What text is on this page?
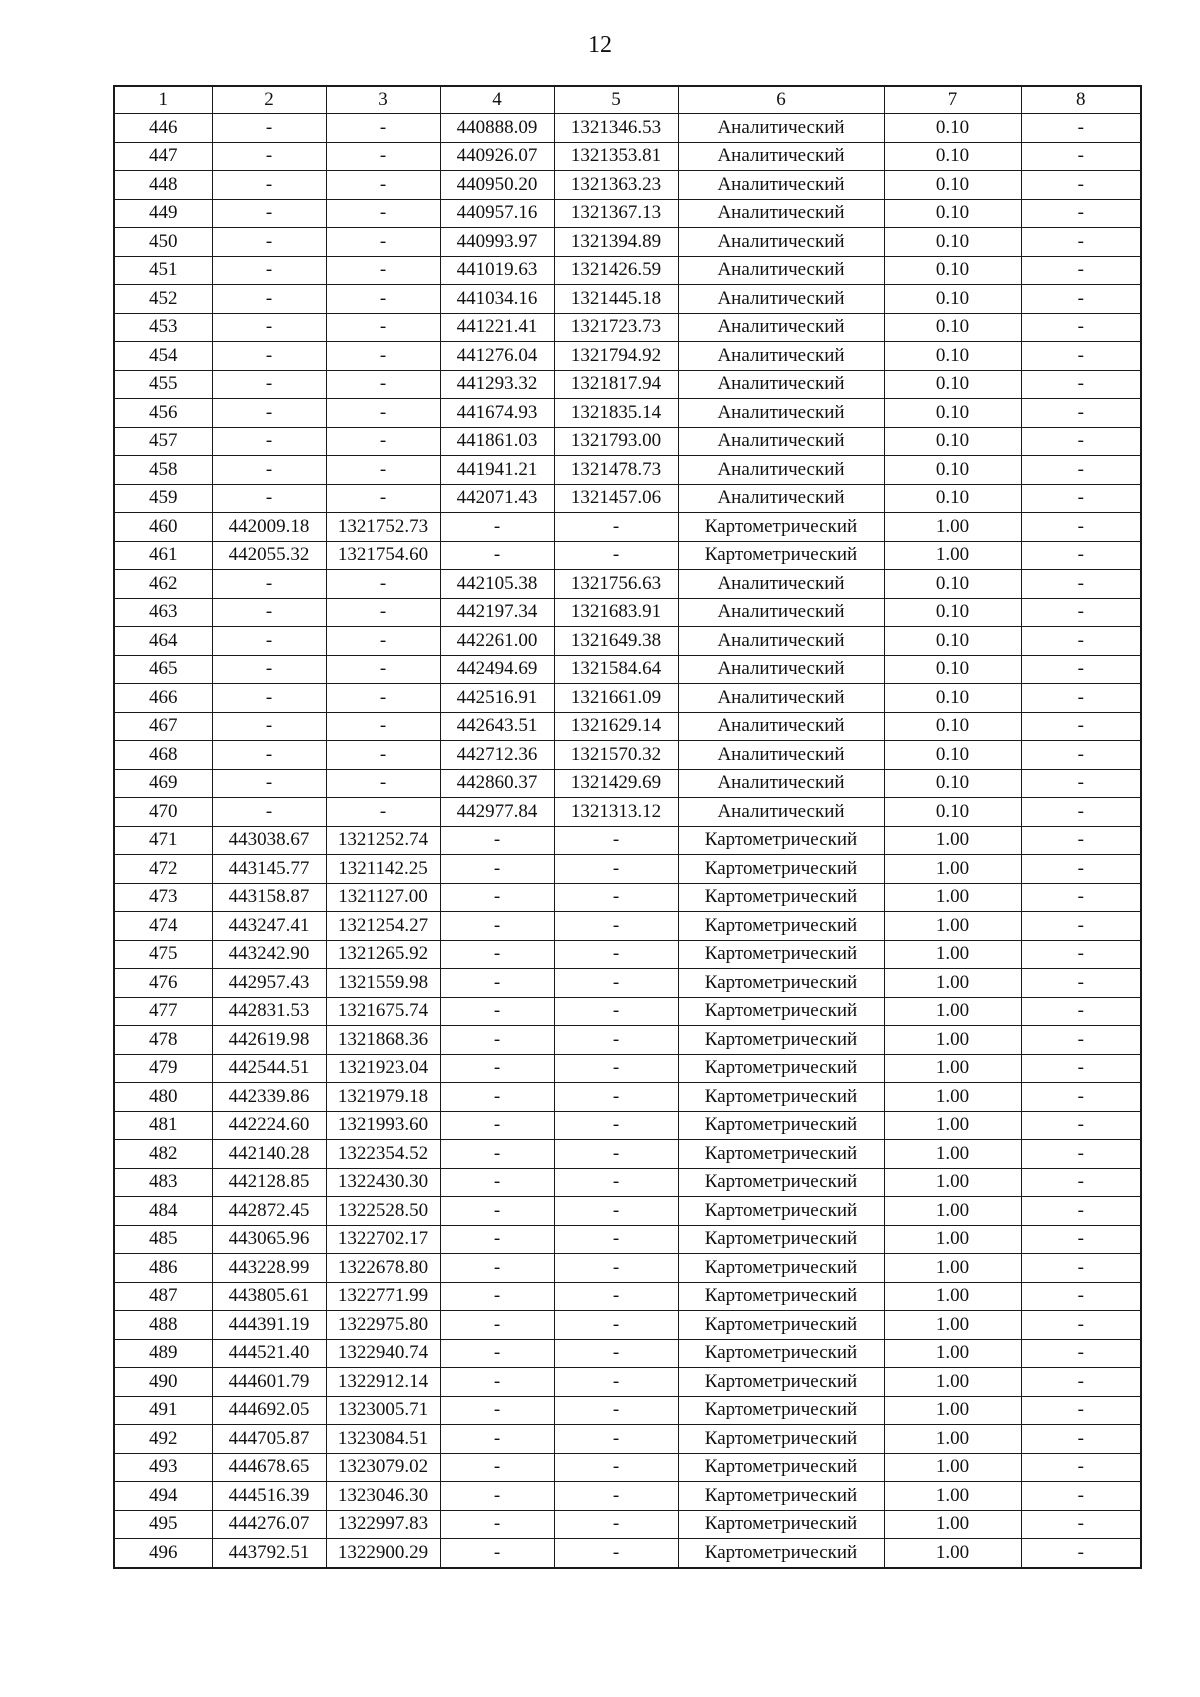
12
1	2	3	4	5	6	7	8
446	-	-	440888.09	1321346.53	Аналитический	0.10	-
447	-	-	440926.07	1321353.81	Аналитический	0.10	-
448	-	-	440950.20	1321363.23	Аналитический	0.10	-
449	-	-	440957.16	1321367.13	Аналитический	0.10	-
450	-	-	440993.97	1321394.89	Аналитический	0.10	-
451	-	-	441019.63	1321426.59	Аналитический	0.10	-
452	-	-	441034.16	1321445.18	Аналитический	0.10	-
453	-	-	441221.41	1321723.73	Аналитический	0.10	-
454	-	-	441276.04	1321794.92	Аналитический	0.10	-
455	-	-	441293.32	1321817.94	Аналитический	0.10	-
456	-	-	441674.93	1321835.14	Аналитический	0.10	-
457	-	-	441861.03	1321793.00	Аналитический	0.10	-
458	-	-	441941.21	1321478.73	Аналитический	0.10	-
459	-	-	442071.43	1321457.06	Аналитический	0.10	-
460	442009.18	1321752.73	-	-	Картометрический	1.00	-
461	442055.32	1321754.60	-	-	Картометрический	1.00	-
462	-	-	442105.38	1321756.63	Аналитический	0.10	-
463	-	-	442197.34	1321683.91	Аналитический	0.10	-
464	-	-	442261.00	1321649.38	Аналитический	0.10	-
465	-	-	442494.69	1321584.64	Аналитический	0.10	-
466	-	-	442516.91	1321661.09	Аналитический	0.10	-
467	-	-	442643.51	1321629.14	Аналитический	0.10	-
468	-	-	442712.36	1321570.32	Аналитический	0.10	-
469	-	-	442860.37	1321429.69	Аналитический	0.10	-
470	-	-	442977.84	1321313.12	Аналитический	0.10	-
471	443038.67	1321252.74	-	-	Картометрический	1.00	-
472	443145.77	1321142.25	-	-	Картометрический	1.00	-
473	443158.87	1321127.00	-	-	Картометрический	1.00	-
474	443247.41	1321254.27	-	-	Картометрический	1.00	-
475	443242.90	1321265.92	-	-	Картометрический	1.00	-
476	442957.43	1321559.98	-	-	Картометрический	1.00	-
477	442831.53	1321675.74	-	-	Картометрический	1.00	-
478	442619.98	1321868.36	-	-	Картометрический	1.00	-
479	442544.51	1321923.04	-	-	Картометрический	1.00	-
480	442339.86	1321979.18	-	-	Картометрический	1.00	-
481	442224.60	1321993.60	-	-	Картометрический	1.00	-
482	442140.28	1322354.52	-	-	Картометрический	1.00	-
483	442128.85	1322430.30	-	-	Картометрический	1.00	-
484	442872.45	1322528.50	-	-	Картометрический	1.00	-
485	443065.96	1322702.17	-	-	Картометрический	1.00	-
486	443228.99	1322678.80	-	-	Картометрический	1.00	-
487	443805.61	1322771.99	-	-	Картометрический	1.00	-
488	444391.19	1322975.80	-	-	Картометрический	1.00	-
489	444521.40	1322940.74	-	-	Картометрический	1.00	-
490	444601.79	1322912.14	-	-	Картометрический	1.00	-
491	444692.05	1323005.71	-	-	Картометрический	1.00	-
492	444705.87	1323084.51	-	-	Картометрический	1.00	-
493	444678.65	1323079.02	-	-	Картометрический	1.00	-
494	444516.39	1323046.30	-	-	Картометрический	1.00	-
495	444276.07	1322997.83	-	-	Картометрический	1.00	-
496	443792.51	1322900.29	-	-	Картометрический	1.00	-
